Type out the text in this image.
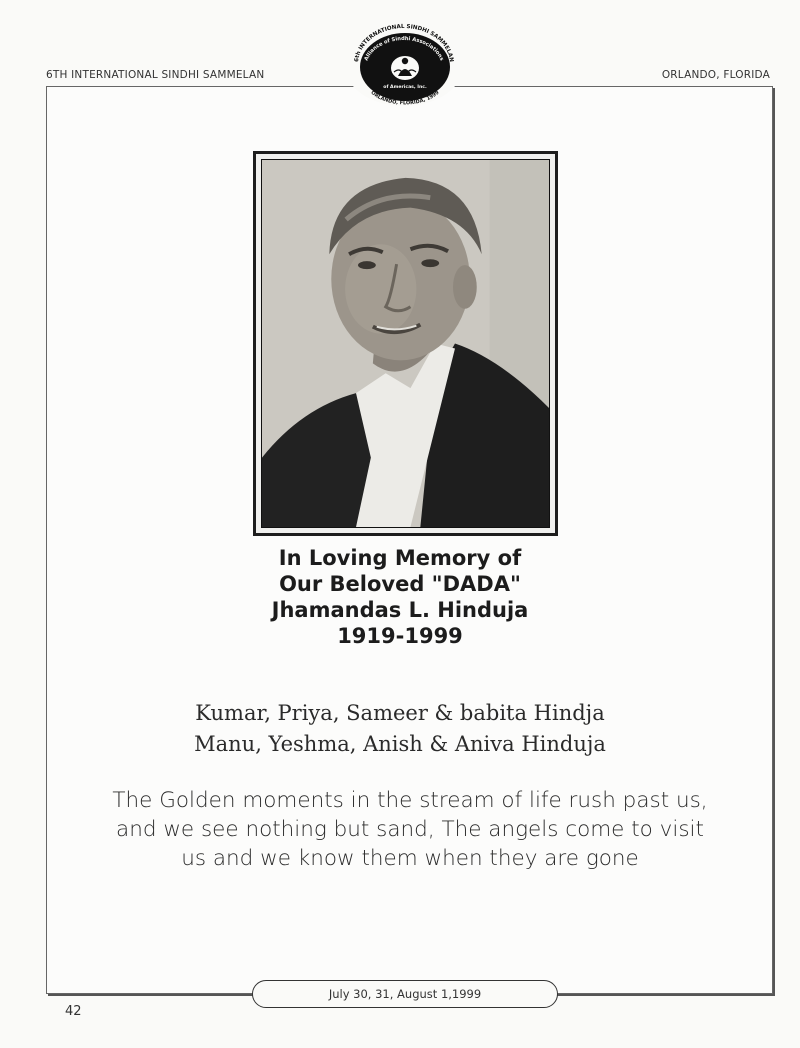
6TH INTERNATIONAL SINDHI SAMMELAN	ORLANDO, FLORIDA
6th INTERNATIONAL SINDHI SAMMELAN
Alliance of Sindhi Associations
of Americas, Inc.
ORLANDO, FLORIDA, 1999
In Loving Memory of
Our Beloved "DADA"
Jhamandas L. Hinduja
1919-1999
Kumar, Priya, Sameer & babita Hindja
Manu, Yeshma, Anish & Aniva Hinduja
The Golden moments in the stream of life rush past us,
and we see nothing but sand, The angels come to visit
us and we know them when they are gone
July 30, 31, August 1,1999
42
